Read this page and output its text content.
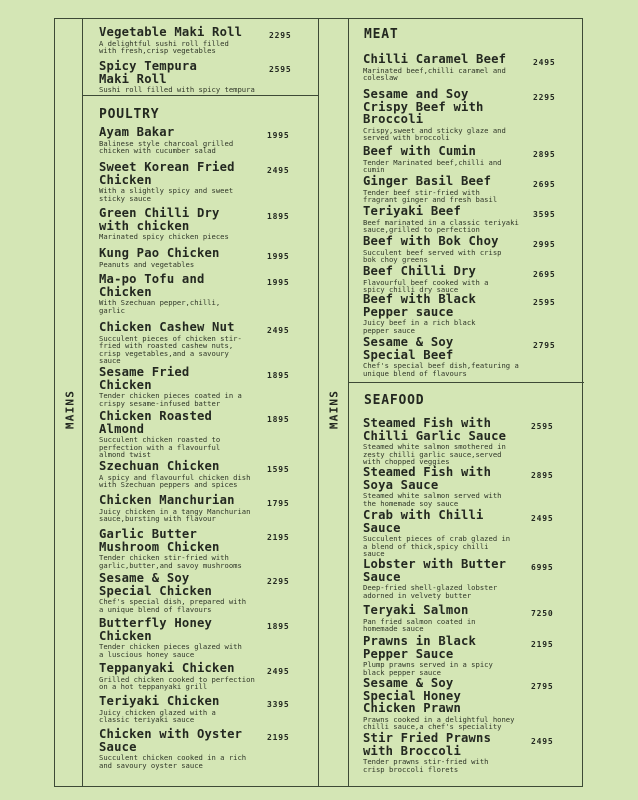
MAINS	MAINS
POULTRY
MEAT
SEAFOOD
Vegetable Maki Roll
A delightful sushi roll filled
with fresh,crisp vegetables
2295
Spicy Tempura
Maki Roll
Sushi roll filled with spicy tempura
2595
Ayam Bakar
Balinese style charcoal grilled
chicken with cucumber salad
1995
Sweet Korean Fried
Chicken
With a slightly spicy and sweet
sticky sauce
2495
Green Chilli Dry
with chicken
Marinated spicy chicken pieces
1895
Kung Pao Chicken
Peanuts and vegetables
1995
Ma-po Tofu and
Chicken
With Szechuan pepper,chilli,
garlic
1995
Chicken Cashew Nut
Succulent pieces of chicken stir-
fried with roasted cashew nuts,
crisp vegetables,and a savoury
sauce
2495
Sesame Fried
Chicken
Tender chicken pieces coated in a
crispy sesame-infused batter
1895
Chicken Roasted
Almond
Succulent chicken roasted to
perfection with a flavourful
almond twist
1895
Szechuan Chicken
A spicy and flavourful chicken dish
with Szechuan peppers and spices
1595
Chicken Manchurian
Juicy chicken in a tangy Manchurian
sauce,bursting with flavour
1795
Garlic Butter
Mushroom Chicken
Tender chicken stir-fried with
garlic,butter,and savoy mushrooms
2195
Sesame & Soy
Special Chicken
Chef's special dish, prepared with
a unique blend of flavours
2295
Butterfly Honey
Chicken
Tender chicken pieces glazed with
a luscious honey sauce
1895
Teppanyaki Chicken
Grilled chicken cooked to perfection
on a hot teppanyaki grill
2495
Teriyaki Chicken
Juicy chicken glazed with a
classic teriyaki sauce
3395
Chicken with Oyster
Sauce
Succulent chicken cooked in a rich
and savoury oyster sauce
2195
Chilli Caramel Beef
Marinated beef,chilli caramel and
coleslaw
2495
Sesame and Soy
Crispy Beef with
Broccoli
Crispy,sweet and sticky glaze and
served with broccoli
2295
Beef with Cumin
Tender Marinated beef,chilli and
cumin
2895
Ginger Basil Beef
Tender beef stir-fried with
fragrant ginger and fresh basil
2695
Teriyaki Beef
Beef marinated in a classic teriyaki
sauce,grilled to perfection
3595
Beef with Bok Choy
Succulent beef served with crisp
bok choy greens
2995
Beef Chilli Dry
Flavourful beef cooked with a
spicy chilli dry sauce
2695
Beef with Black
Pepper sauce
Juicy beef in a rich black
pepper sauce
2595
Sesame & Soy
Special Beef
Chef's special beef dish,featuring a
unique blend of flavours
2795
Steamed Fish with
Chilli Garlic Sauce
Steamed white salmon smothered in
zesty chilli garlic sauce,served
with chopped veggies
2595
Steamed Fish with
Soya Sauce
Steamed white salmon served with
the homemade soy sauce
2895
Crab with Chilli
Sauce
Succulent pieces of crab glazed in
a blend of thick,spicy chilli
sauce
2495
Lobster with Butter
Sauce
Deep-fried shell-glazed lobster
adorned in velvety butter
6995
Teryaki Salmon
Pan fried salmon coated in
homemade sauce
7250
Prawns in Black
Pepper Sauce
Plump prawns served in a spicy
black pepper sauce
2195
Sesame & Soy
Special Honey
Chicken Prawn
Prawns cooked in a delightful honey
chilli sauce,a chef's speciality
2795
Stir Fried Prawns
with Broccoli
Tender prawns stir-fried with
crisp broccoli florets
2495
